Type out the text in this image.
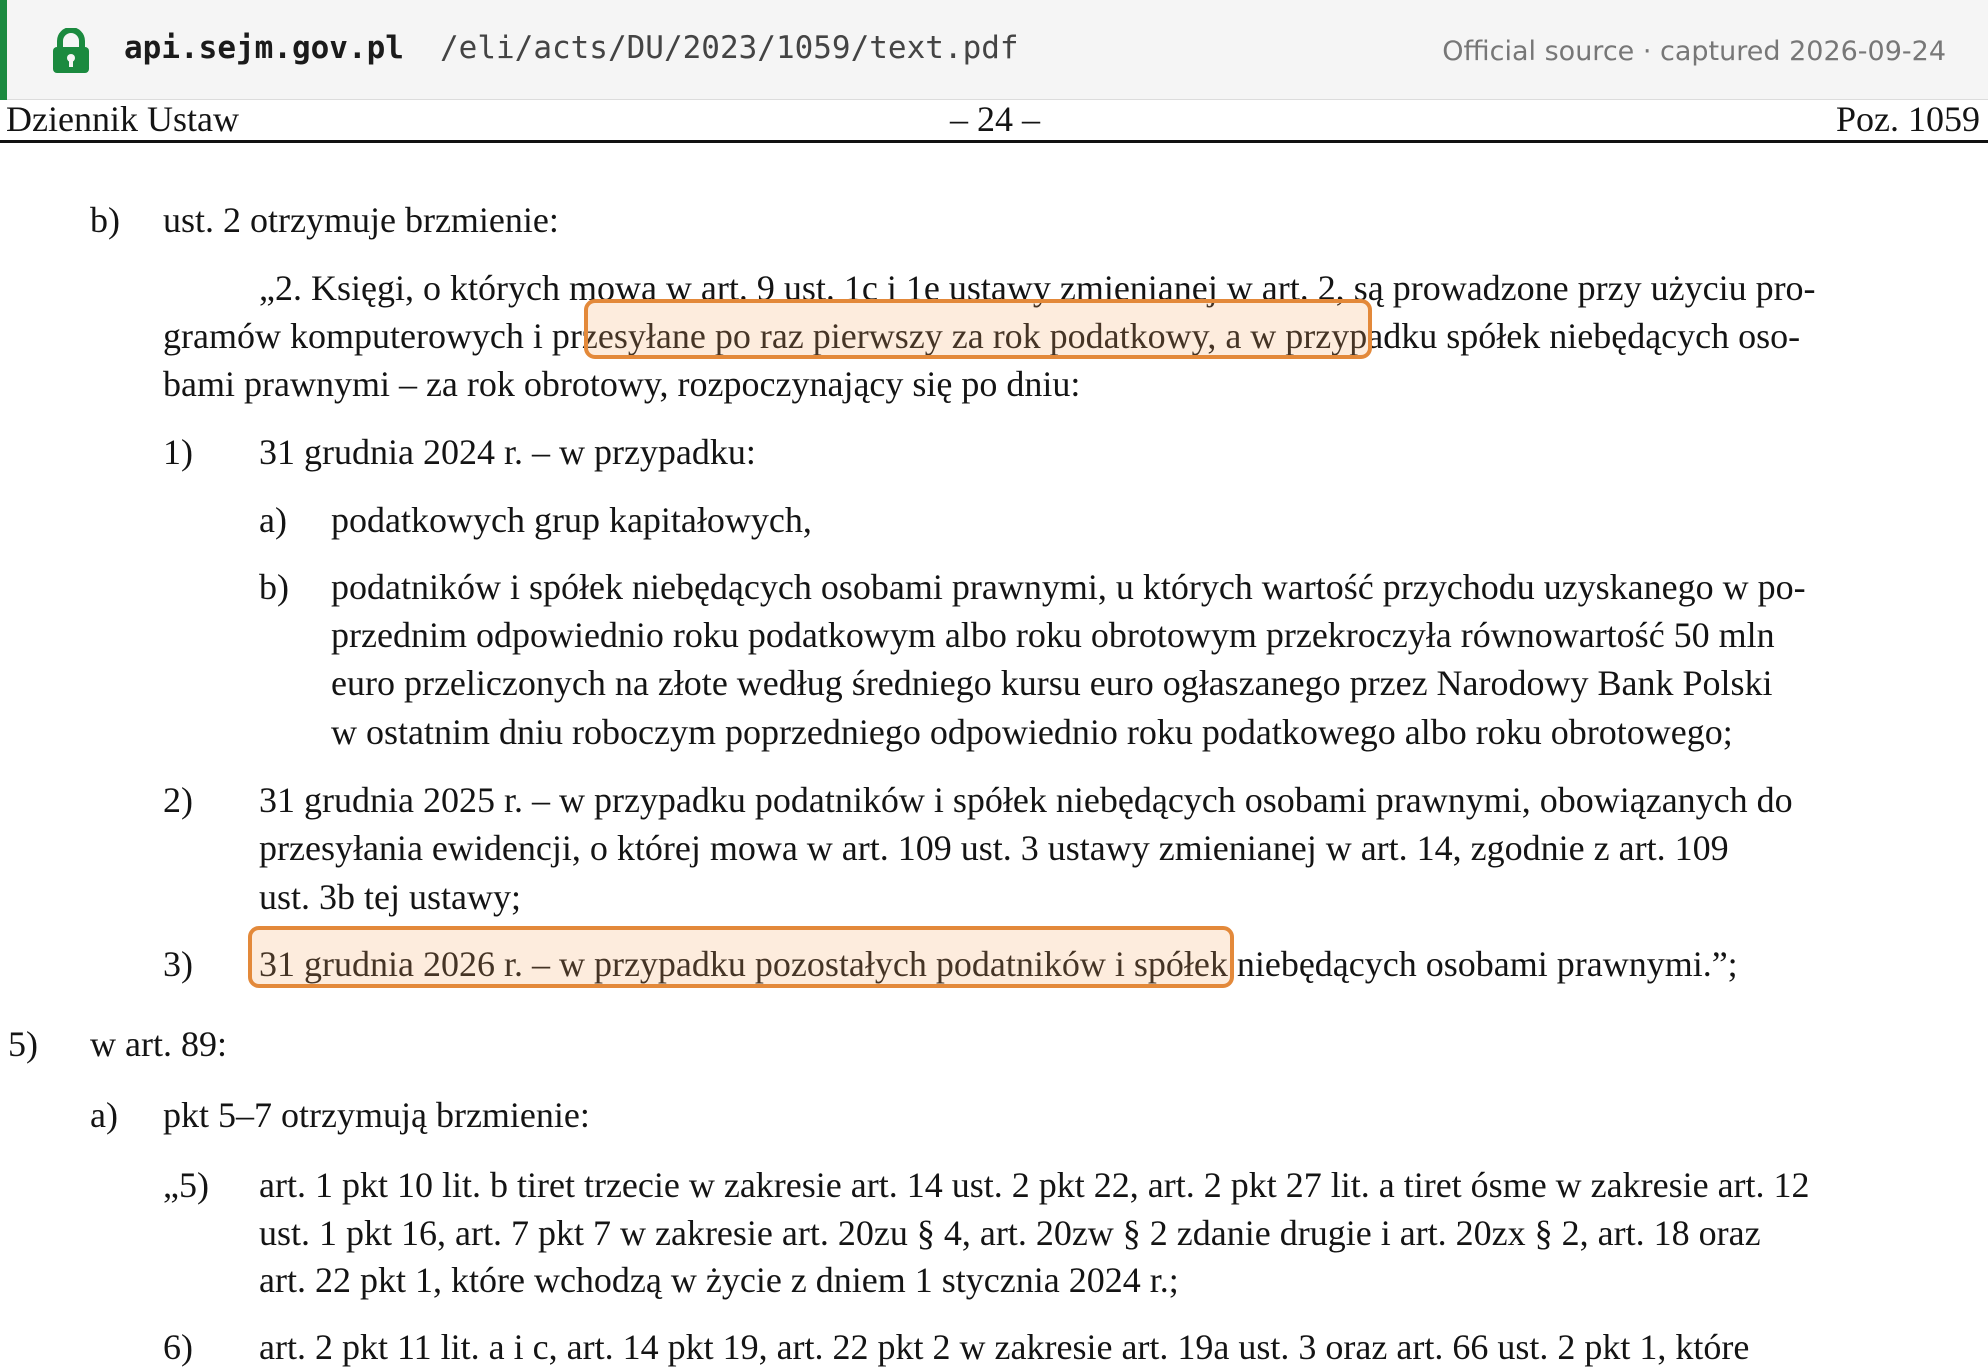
api.sejm.gov.pl /eli/acts/DU/2023/1059/text.pdf	Official source · captured 2026-09-24
Dziennik Ustaw	– 24 –	Poz. 1059
b) ust. 2 otrzymuje brzmienie:
„2. Księgi, o których mowa w art. 9 ust. 1c i 1e ustawy zmienianej w art. 2, są prowadzone przy użyciu pro-
gramów komputerowych i przesyłane po raz pierwszy za rok podatkowy, a w przypadku spółek niebędących oso-
bami prawnymi – za rok obrotowy, rozpoczynający się po dniu:
1) 31 grudnia 2024 r. – w przypadku:
a) podatkowych grup kapitałowych,
b) podatników i spółek niebędących osobami prawnymi, u których wartość przychodu uzyskanego w po-
przednim odpowiednio roku podatkowym albo roku obrotowym przekroczyła równowartość 50 mln
euro przeliczonych na złote według średniego kursu euro ogłaszanego przez Narodowy Bank Polski
w ostatnim dniu roboczym poprzedniego odpowiednio roku podatkowego albo roku obrotowego;
2) 31 grudnia 2025 r. – w przypadku podatników i spółek niebędących osobami prawnymi, obowiązanych do
przesyłania ewidencji, o której mowa w art. 109 ust. 3 ustawy zmienianej w art. 14, zgodnie z art. 109
ust. 3b tej ustawy;
3) 31 grudnia 2026 r. – w przypadku pozostałych podatników i spółek niebędących osobami prawnymi.”;
5) w art. 89:
a) pkt 5–7 otrzymują brzmienie:
„5) art. 1 pkt 10 lit. b tiret trzecie w zakresie art. 14 ust. 2 pkt 22, art. 2 pkt 27 lit. a tiret ósme w zakresie art. 12
ust. 1 pkt 16, art. 7 pkt 7 w zakresie art. 20zu § 4, art. 20zw § 2 zdanie drugie i art. 20zx § 2, art. 18 oraz
art. 22 pkt 1, które wchodzą w życie z dniem 1 stycznia 2024 r.;
6) art. 2 pkt 11 lit. a i c, art. 14 pkt 19, art. 22 pkt 2 w zakresie art. 19a ust. 3 oraz art. 66 ust. 2 pkt 1, które
